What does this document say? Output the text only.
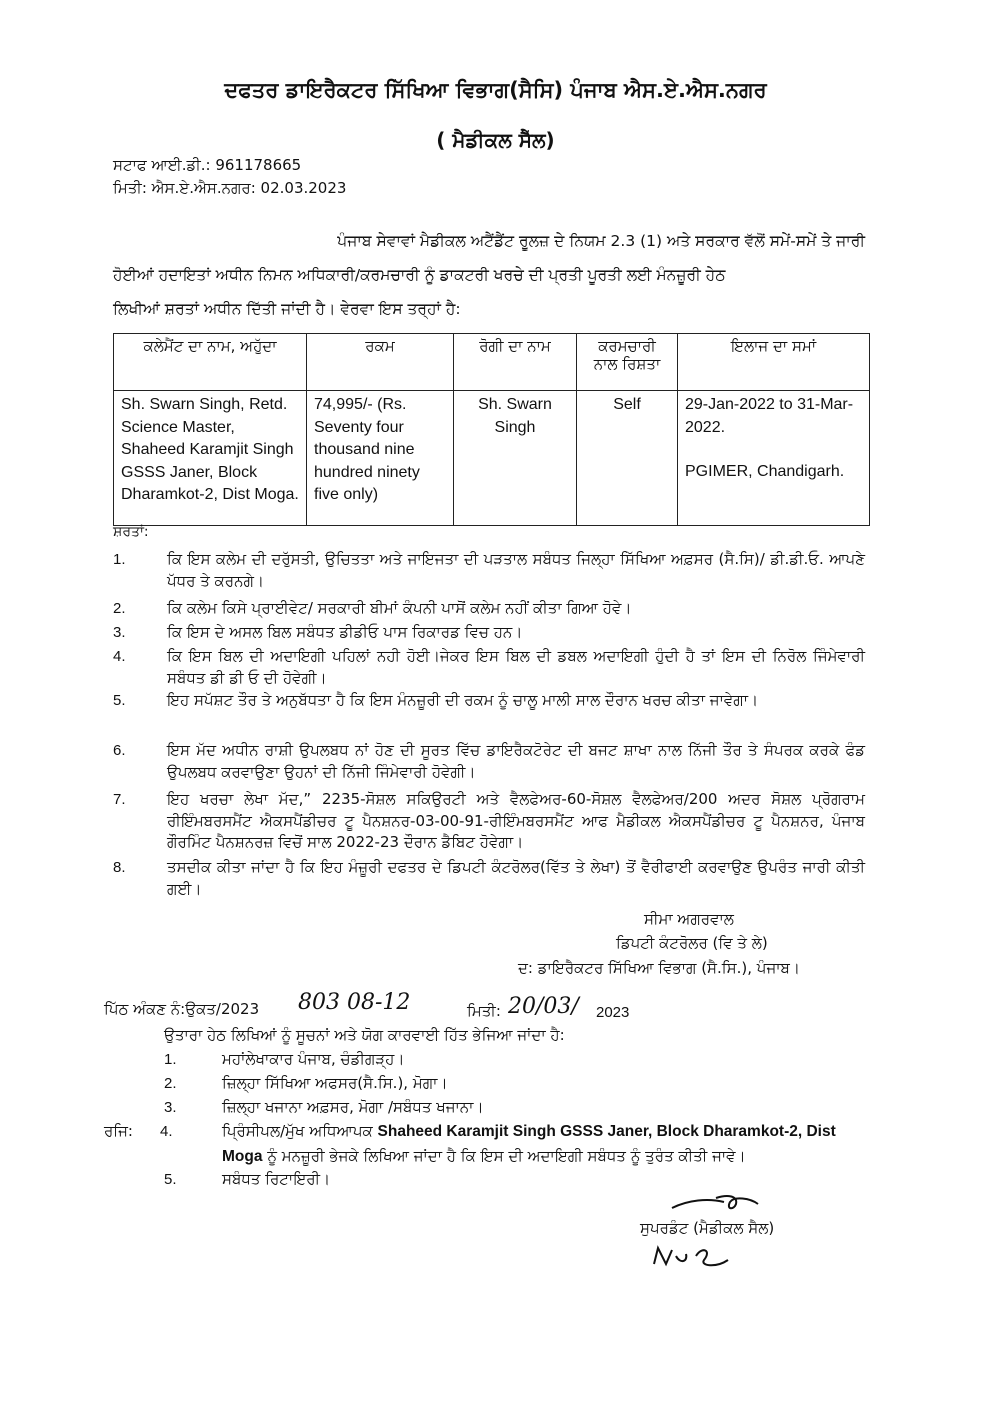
ਦਫਤਰ ਡਾਇਰੈਕਟਰ ਸਿੱਖਿਆ ਵਿਭਾਗ(ਸੈਸਿ) ਪੰਜਾਬ ਐਸ.ਏ.ਐਸ.ਨਗਰ
( ਮੈਡੀਕਲ ਸੈੱਲ)
ਸਟਾਫ ਆਈ.ਡੀ.: 961178665
ਮਿਤੀ: ਐਸ.ਏ.ਐਸ.ਨਗਰ: 02.03.2023
ਪੰਜਾਬ ਸੇਵਾਵਾਂ ਮੈਡੀਕਲ ਅਟੈਂਡੈਂਟ ਰੂਲਜ਼ ਦੇ ਨਿਯਮ 2.3 (1) ਅਤੇ ਸਰਕਾਰ ਵੱਲੋਂ ਸਮੇਂ-ਸਮੇਂ ਤੇ ਜਾਰੀ
ਹੋਈਆਂ ਹਦਾਇਤਾਂ ਅਧੀਨ ਨਿਮਨ ਅਧਿਕਾਰੀ/ਕਰਮਚਾਰੀ ਨੂੰ ਡਾਕਟਰੀ ਖਰਚੇ ਦੀ ਪ੍ਰਤੀ ਪੂਰਤੀ ਲਈ ਮੰਨਜ਼ੂਰੀ ਹੇਠ
ਲਿਖੀਆਂ ਸ਼ਰਤਾਂ ਅਧੀਨ ਦਿੱਤੀ ਜਾਂਦੀ ਹੈ। ਵੇਰਵਾ ਇਸ ਤਰ੍ਹਾਂ ਹੈ:
ਕਲੇਮੈਂਟ ਦਾ ਨਾਮ, ਅਹੁੱਦਾ	ਰਕਮ	ਰੋਗੀ ਦਾ ਨਾਮ	ਕਰਮਚਾਰੀ ਨਾਲ ਰਿਸ਼ਤਾ	ਇਲਾਜ ਦਾ ਸਮਾਂ
Sh. Swarn Singh, Retd. Science Master, Shaheed Karamjit Singh GSSS Janer, Block Dharamkot-2, Dist Moga.	74,995/- (Rs. Seventy four thousand nine hundred ninety five only)	Sh. Swarn Singh	Self	29-Jan-2022 to 31-Mar-2022.
PGIMER, Chandigarh.
ਸ਼ਰਤਾਂ:
1.	ਕਿ ਇਸ ਕਲੇਮ ਦੀ ਦਰੁੱਸਤੀ, ਉਚਿਤਤਾ ਅਤੇ ਜਾਇਜਤਾ ਦੀ ਪੜਤਾਲ ਸਬੰਧਤ ਜਿਲ੍ਹਾ ਸਿੱਖਿਆ ਅਫ਼ਸਰ (ਸੈ.ਸਿ)/ ਡੀ.ਡੀ.ਓ. ਆਪਣੇ ਪੱਧਰ ਤੇ ਕਰਨਗੇ।
2.	ਕਿ ਕਲੇਮ ਕਿਸੇ ਪ੍ਰਾਈਵੇਟ/ ਸਰਕਾਰੀ ਬੀਮਾਂ ਕੰਪਨੀ ਪਾਸੋਂ ਕਲੇਮ ਨਹੀਂ ਕੀਤਾ ਗਿਆ ਹੋਵੇ।
3.	ਕਿ ਇਸ ਦੇ ਅਸਲ ਬਿਲ ਸਬੰਧਤ ਡੀਡੀਓ ਪਾਸ ਰਿਕਾਰਡ ਵਿਚ ਹਨ।
4.	ਕਿ ਇਸ ਬਿਲ ਦੀ ਅਦਾਇਗੀ ਪਹਿਲਾਂ ਨਹੀ ਹੋਈ।ਜੇਕਰ ਇਸ ਬਿਲ ਦੀ ਡਬਲ ਅਦਾਇਗੀ ਹੁੰਦੀ ਹੈ ਤਾਂ ਇਸ ਦੀ ਨਿਰੋਲ ਜਿੰਮੇਵਾਰੀ ਸਬੰਧਤ ਡੀ ਡੀ ਓ ਦੀ ਹੋਵੇਗੀ।
5.	ਇਹ ਸਪੱਸ਼ਟ ਤੌਰ ਤੇ ਅਨੁਬੱਧਤਾ ਹੈ ਕਿ ਇਸ ਮੰਨਜ਼ੂਰੀ ਦੀ ਰਕਮ ਨੂੰ ਚਾਲੂ ਮਾਲੀ ਸਾਲ ਦੌਰਾਨ ਖਰਚ ਕੀਤਾ ਜਾਵੇਗਾ।
6.	ਇਸ ਮੱਦ ਅਧੀਨ ਰਾਸ਼ੀ ਉਪਲਬਧ ਨਾਂ ਹੋਣ ਦੀ ਸੂਰਤ ਵਿੱਚ ਡਾਇਰੈਕਟੋਰੇਟ ਦੀ ਬਜਟ ਸ਼ਾਖਾ ਨਾਲ ਨਿੱਜੀ ਤੌਰ ਤੇ ਸੰਪਰਕ ਕਰਕੇ ਫੰਡ ਉਪਲਬਧ ਕਰਵਾਉਣਾ ਉਹਨਾਂ ਦੀ ਨਿੱਜੀ ਜਿੰਮੇਵਾਰੀ ਹੋਵੇਗੀ।
7.	ਇਹ ਖਰਚਾ ਲੇਖਾ ਮੱਦ,” 2235-ਸੋਸ਼ਲ ਸਕਿਉਰਟੀ ਅਤੇ ਵੈਲਫੇਅਰ-60-ਸੋਸ਼ਲ ਵੈਲਫੇਅਰ/200 ਅਦਰ ਸੋਸ਼ਲ ਪ੍ਰੋਗਰਾਮ ਰੀਇੰਮਬਰਸਮੈਂਟ ਐਕਸਪੈਂਡੀਚਰ ਟੂ ਪੈਨਸ਼ਨਰ-03-00-91-ਰੀਇੰਮਬਰਸਮੈਂਟ ਆਫ ਮੈਡੀਕਲ ਐਕਸਪੈਂਡੀਚਰ ਟੂ ਪੈਨਸ਼ਨਰ, ਪੰਜਾਬ ਗੌਰਮਿੰਟ ਪੈਨਸ਼ਨਰਜ਼ ਵਿਚੋਂ ਸਾਲ 2022-23 ਦੌਰਾਨ ਡੈਬਿਟ ਹੋਵੇਗਾ।
8.	ਤਸਦੀਕ ਕੀਤਾ ਜਾਂਦਾ ਹੈ ਕਿ ਇਹ ਮੰਜ਼ੂਰੀ ਦਫਤਰ ਦੇ ਡਿਪਟੀ ਕੰਟਰੋਲਰ(ਵਿੱਤ ਤੇ ਲੇਖਾ) ਤੋਂ ਵੈਰੀਫਾਈ ਕਰਵਾਉਣ ਉਪਰੰਤ ਜਾਰੀ ਕੀਤੀ ਗਈ।
ਸੀਮਾ ਅਗਰਵਾਲ
ਡਿਪਟੀ ਕੰਟਰੋਲਰ (ਵਿ ਤੇ ਲੇ)
ਦ: ਡਾਇਰੈਕਟਰ ਸਿੱਖਿਆ ਵਿਭਾਗ (ਸੈ.ਸਿ.), ਪੰਜਾਬ।
ਪਿੱਠ ਅੰਕਣ ਨੰ:ਉਕਤ/2023 803 08-12	ਮਿਤੀ: 20/03/ 2023
ਉਤਾਰਾ ਹੇਠ ਲਿਖਿਆਂ ਨੂੰ ਸੂਚਨਾਂ ਅਤੇ ਯੋਗ ਕਾਰਵਾਈ ਹਿੱਤ ਭੇਜਿਆ ਜਾਂਦਾ ਹੈ:
1.	ਮਹਾਂਲੇਖਾਕਾਰ ਪੰਜਾਬ, ਚੰਡੀਗੜ੍ਹ।
2.	ਜ਼ਿਲ੍ਹਾ ਸਿੱਖਿਆ ਅਫਸਰ(ਸੈ.ਸਿ.), ਮੋਗਾ।
3.	ਜ਼ਿਲ੍ਹਾ ਖਜਾਨਾ ਅਫ਼ਸਰ, ਮੋਗਾ /ਸਬੰਧਤ ਖਜਾਨਾ।
ਰਜਿ: 4.	ਪ੍ਰਿੰਸੀਪਲ/ਮੁੱਖ ਅਧਿਆਪਕ Shaheed Karamjit Singh GSSS Janer, Block Dharamkot-2, Dist
Moga ਨੂੰ ਮਨਜ਼ੂਰੀ ਭੇਜਕੇ ਲਿਖਿਆ ਜਾਂਦਾ ਹੈ ਕਿ ਇਸ ਦੀ ਅਦਾਇਗੀ ਸਬੰਧਤ ਨੂੰ ਤੁਰੰਤ ਕੀਤੀ ਜਾਵੇ।
5.	ਸਬੰਧਤ ਰਿਟਾਇਰੀ।
ਸੁਪਰਡੰਟ (ਮੈਡੀਕਲ ਸੈਲ)
